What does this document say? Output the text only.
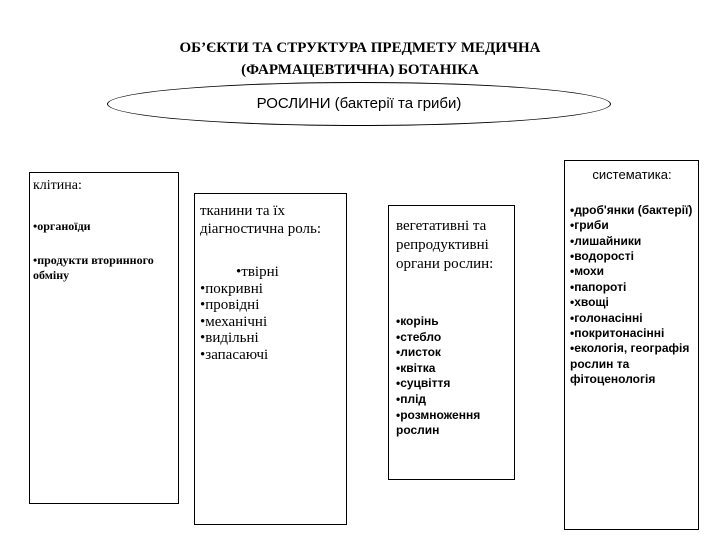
ОБ’ЄКТИ ТА СТРУКТУРА ПРЕДМЕТУ МЕДИЧНА
(ФАРМАЦЕВТИЧНА) БОТАНІКА
РОСЛИНИ (бактерії та гриби)
клітина:
• органоїди
• продукти вторинного обміну
тканини та їх діагностична роль:
• твірні
• покривні
• провідні
• механічні
• видільні
• запасаючі
вегетативні та репродуктивні органи рослин:
• корінь
• стебло
• листок
• квітка
• суцвіття
• плід
• розмноження рослин
систематика:
• дроб'янки (бактерії)
• гриби
• лишайники
• водорості
• мохи
• папороті
• хвощі
• голонасінні
• покритонасінні
• екологія, географія рослин та фітоценологія
